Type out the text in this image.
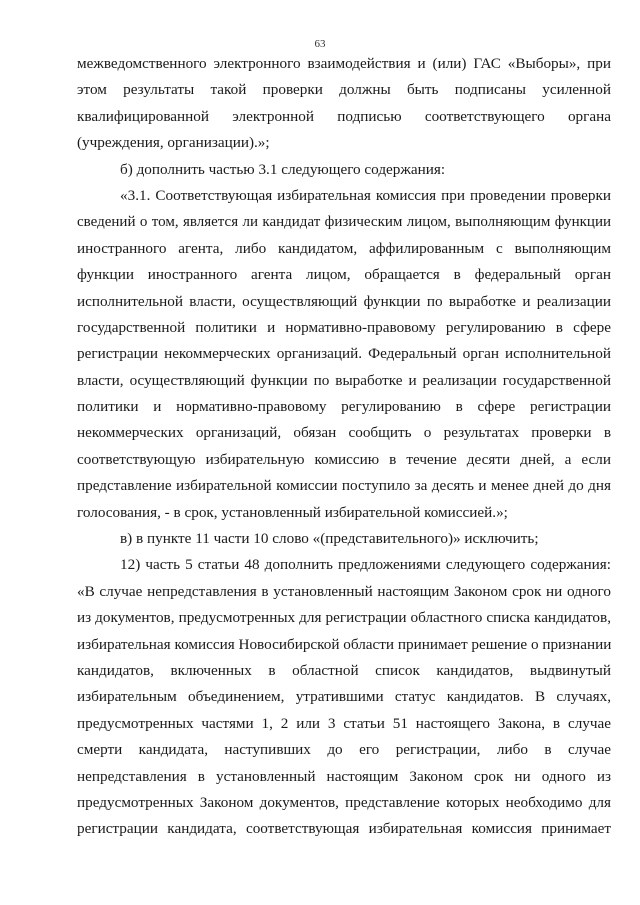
63
межведомственного электронного взаимодействия и (или) ГАС «Выборы», при
этом результаты такой проверки должны быть подписаны усиленной
квалифицированной электронной подписью соответствующего органа
(учреждения, организации).»;
б) дополнить частью 3.1 следующего содержания:
«3.1. Соответствующая избирательная комиссия при проведении проверки
сведений о том, является ли кандидат физическим лицом, выполняющим функции
иностранного агента, либо кандидатом, аффилированным с выполняющим
функции иностранного агента лицом, обращается в федеральный орган
исполнительной власти, осуществляющий функции по выработке и реализации
государственной политики и нормативно-правовому регулированию в сфере
регистрации некоммерческих организаций. Федеральный орган исполнительной
власти, осуществляющий функции по выработке и реализации государственной
политики и нормативно-правовому регулированию в сфере регистрации
некоммерческих организаций, обязан сообщить о результатах проверки в
соответствующую избирательную комиссию в течение десяти дней, а если
представление избирательной комиссии поступило за десять и менее дней до дня
голосования, - в срок, установленный избирательной комиссией.»;
в) в пункте 11 части 10 слово «(представительного)» исключить;
12) часть 5 статьи 48 дополнить предложениями следующего содержания:
«В случае непредставления в установленный настоящим Законом срок ни одного
из документов, предусмотренных для регистрации областного списка кандидатов,
избирательная комиссия Новосибирской области принимает решение о признании
кандидатов, включенных в областной список кандидатов, выдвинутый
избирательным объединением, утратившими статус кандидатов. В случаях,
предусмотренных частями 1, 2 или 3 статьи 51 настоящего Закона, в случае
смерти кандидата, наступивших до его регистрации, либо в случае
непредставления в установленный настоящим Законом срок ни одного из
предусмотренных Законом документов, представление которых необходимо для
регистрации кандидата, соответствующая избирательная комиссия принимает
